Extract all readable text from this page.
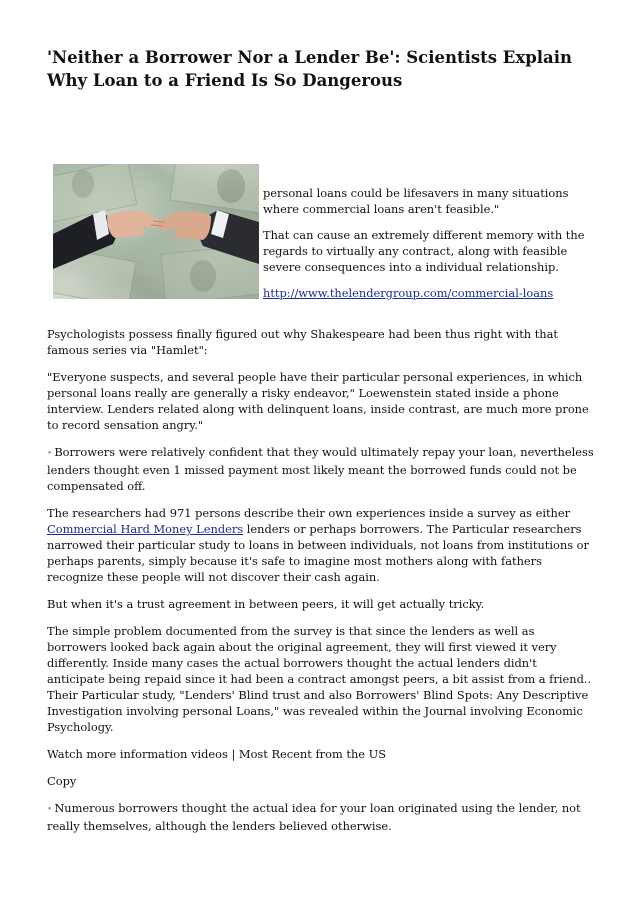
'Neither a Borrower Nor a Lender Be': Scientists Explain Why Loan to a Friend Is So Dangerous

personal loans could be lifesavers in many situations where commercial loans aren't feasible."

That can cause an extremely different memory with the regards to virtually any contract, along with feasible severe consequences into a individual relationship.

http://www.thelendergroup.com/commercial-loans

Psychologists possess finally figured out why Shakespeare had been thus right with that famous series via "Hamlet":

"Everyone suspects, and several people have their particular personal experiences, in which personal loans really are generally a risky endeavor," Loewenstein stated inside a phone interview. Lenders related along with delinquent loans, inside contrast, are much more prone to record sensation angry."

• Borrowers were relatively confident that they would ultimately repay your loan, nevertheless lenders thought even 1 missed payment most likely meant the borrowed funds could not be compensated off.

The researchers had 971 persons describe their own experiences inside a survey as either Commercial Hard Money Lenders lenders or perhaps borrowers. The Particular researchers narrowed their particular study to loans in between individuals, not loans from institutions or perhaps parents, simply because it's safe to imagine most mothers along with fathers recognize these people will not discover their cash again.

But when it's a trust agreement in between peers, it will get actually tricky.

The simple problem documented from the survey is that since the lenders as well as borrowers looked back again about the original agreement, they will first viewed it very differently. Inside many cases the actual borrowers thought the actual lenders didn't anticipate being repaid since it had been a contract amongst peers, a bit assist from a friend.. Their Particular study, "Lenders' Blind trust and also Borrowers' Blind Spots: Any Descriptive Investigation involving personal Loans," was revealed within the Journal involving Economic Psychology.

Watch more information videos | Most Recent from the US

Copy

• Numerous borrowers thought the actual idea for your loan originated using the lender, not really themselves, although the lenders believed otherwise.
